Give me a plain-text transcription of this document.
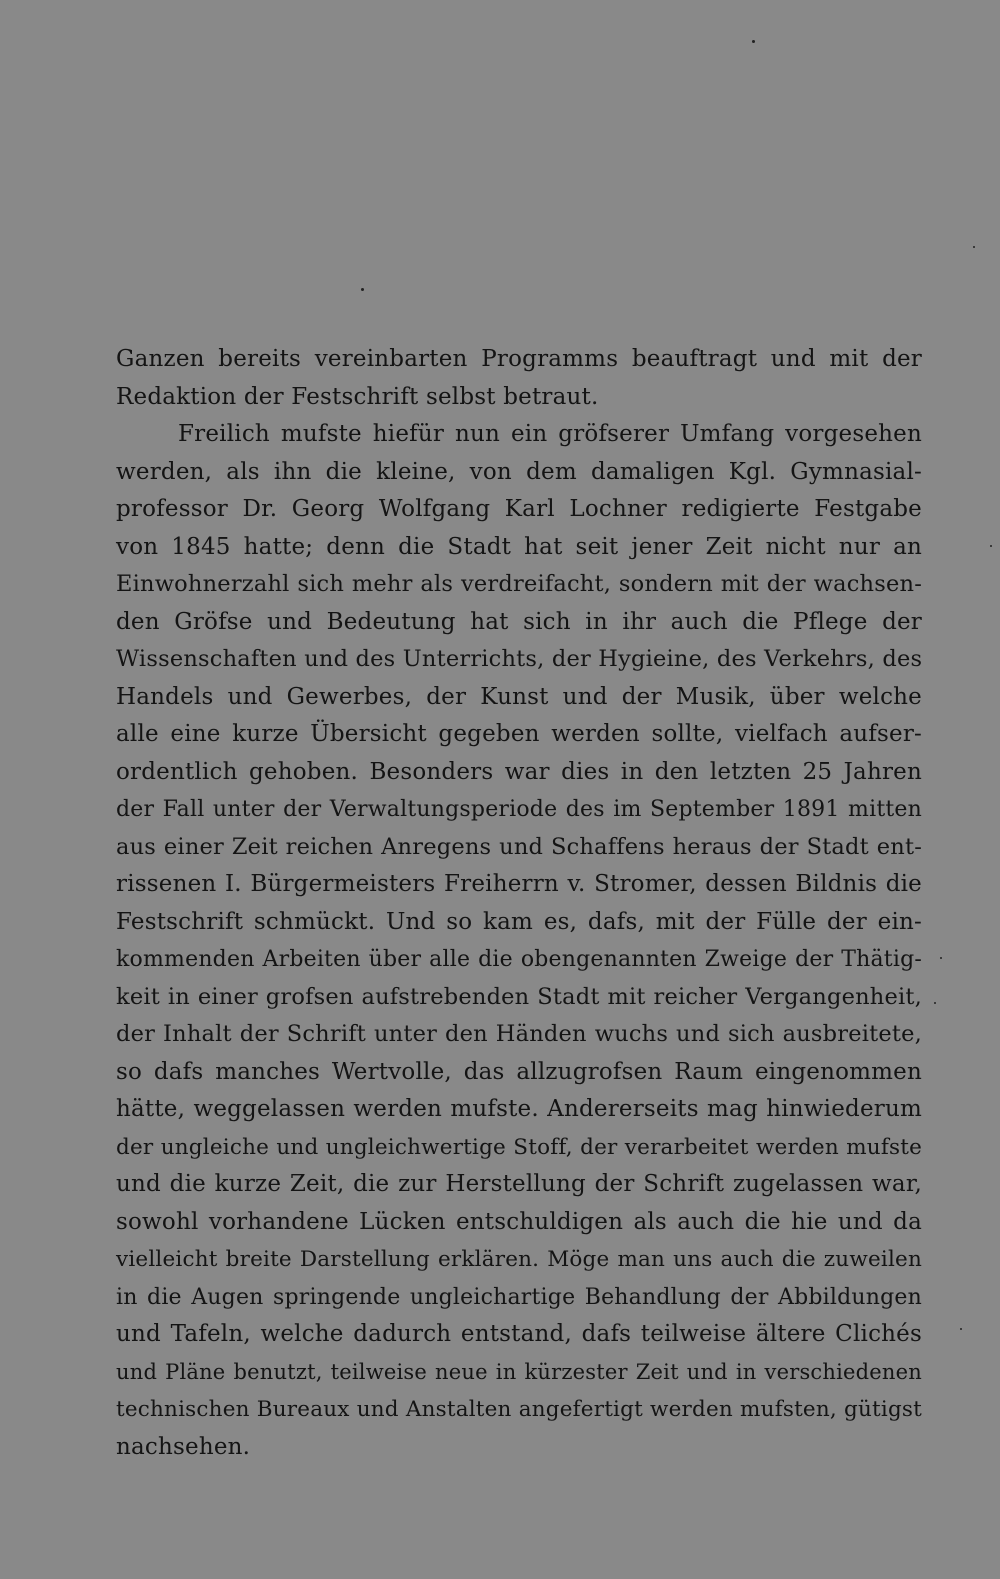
Ganzen bereits vereinbarten Programms beauftragt und mit der
Redaktion der Festschrift selbst betraut.
Freilich mufste hiefür nun ein gröfserer Umfang vorgesehen
werden, als ihn die kleine, von dem damaligen Kgl. Gymnasial-
professor Dr. Georg Wolfgang Karl Lochner redigierte Festgabe
von 1845 hatte; denn die Stadt hat seit jener Zeit nicht nur an
Einwohnerzahl sich mehr als verdreifacht, sondern mit der wachsen-
den Gröfse und Bedeutung hat sich in ihr auch die Pflege der
Wissenschaften und des Unterrichts, der Hygieine, des Verkehrs, des
Handels und Gewerbes, der Kunst und der Musik, über welche
alle eine kurze Übersicht gegeben werden sollte, vielfach aufser-
ordentlich gehoben. Besonders war dies in den letzten 25 Jahren
der Fall unter der Verwaltungsperiode des im September 1891 mitten
aus einer Zeit reichen Anregens und Schaffens heraus der Stadt ent-
rissenen I. Bürgermeisters Freiherrn v. Stromer, dessen Bildnis die
Festschrift schmückt. Und so kam es, dafs, mit der Fülle der ein-
kommenden Arbeiten über alle die obengenannten Zweige der Thätig-
keit in einer grofsen aufstrebenden Stadt mit reicher Vergangenheit,
der Inhalt der Schrift unter den Händen wuchs und sich ausbreitete,
so dafs manches Wertvolle, das allzugrofsen Raum eingenommen
hätte, weggelassen werden mufste. Andererseits mag hinwiederum
der ungleiche und ungleichwertige Stoff, der verarbeitet werden mufste
und die kurze Zeit, die zur Herstellung der Schrift zugelassen war,
sowohl vorhandene Lücken entschuldigen als auch die hie und da
vielleicht breite Darstellung erklären. Möge man uns auch die zuweilen
in die Augen springende ungleichartige Behandlung der Abbildungen
und Tafeln, welche dadurch entstand, dafs teilweise ältere Clichés
und Pläne benutzt, teilweise neue in kürzester Zeit und in verschiedenen
technischen Bureaux und Anstalten angefertigt werden mufsten, gütigst
nachsehen.
